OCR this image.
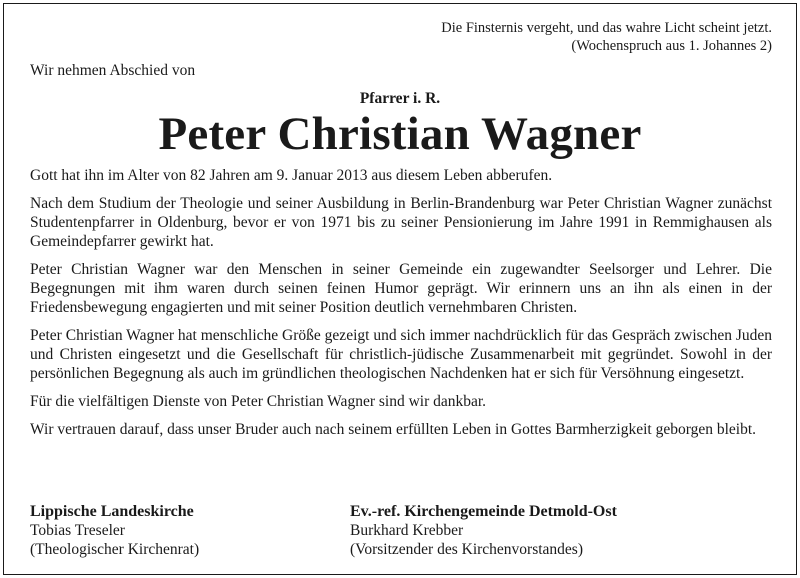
Die Finsternis vergeht, und das wahre Licht scheint jetzt.
(Wochenspruch aus 1. Johannes 2)
Wir nehmen Abschied von
Pfarrer i. R.
Peter Christian Wagner

Gott hat ihn im Alter von 82 Jahren am 9. Januar 2013 aus diesem Leben abberufen.

Nach dem Studium der Theologie und seiner Ausbildung in Berlin-Brandenburg war Peter Christian Wagner zunächst Studentenpfarrer in Oldenburg, bevor er von 1971 bis zu seiner Pensionierung im Jahre 1991 in Remmighausen als Gemeindepfarrer gewirkt hat.

Peter Christian Wagner war den Menschen in seiner Gemeinde ein zugewandter Seelsorger und Lehrer. Die Begegnungen mit ihm waren durch seinen feinen Humor geprägt. Wir erinnern uns an ihn als einen in der Friedensbewegung engagierten und mit seiner Position deutlich vernehmbaren Christen.

Peter Christian Wagner hat menschliche Größe gezeigt und sich immer nachdrücklich für das Gespräch zwischen Juden und Christen eingesetzt und die Gesellschaft für christlich-jüdische Zusammenarbeit mit gegründet. Sowohl in der persönlichen Begegnung als auch im gründlichen theologischen Nachdenken hat er sich für Versöhnung eingesetzt.

Für die vielfältigen Dienste von Peter Christian Wagner sind wir dankbar.

Wir vertrauen darauf, dass unser Bruder auch nach seinem erfüllten Leben in Gottes Barmherzigkeit geborgen bleibt.

Lippische Landeskirche
Tobias Treseler
(Theologischer Kirchenrat)
Ev.-ref. Kirchengemeinde Detmold-Ost
Burkhard Krebber
(Vorsitzender des Kirchenvorstandes)
